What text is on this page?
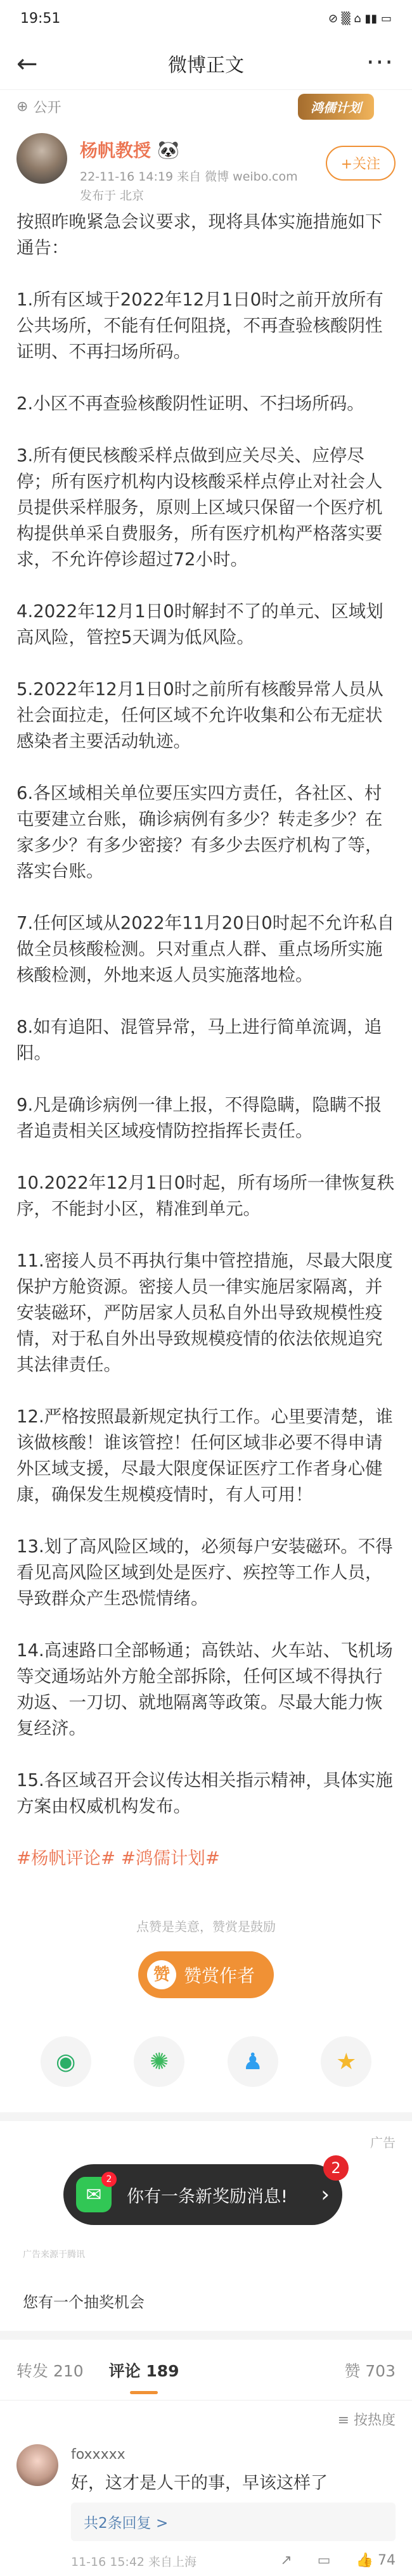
19:51	⊘ ▒ ⌂ ▮▮ ▭
←	微博正文	···
⊕ 公开	鸿儒计划
杨帆教授 🐼
22-11-16 14:19 来自 微博 weibo.com
发布于 北京
+关注

按照昨晚紧急会议要求，现将具体实施措施如下通告：

1.所有区域于2022年12月1日0时之前开放所有公共场所，不能有任何阻挠，不再查验核酸阴性证明、不再扫场所码。

2.小区不再查验核酸阴性证明、不扫场所码。

3.所有便民核酸采样点做到应关尽关、应停尽停；所有医疗机构内设核酸采样点停止对社会人员提供采样服务，原则上区域只保留一个医疗机构提供单采自费服务，所有医疗机构严格落实要求，不允许停诊超过72小时。

4.2022年12月1日0时解封不了的单元、区域划高风险，管控5天调为低风险。

5.2022年12月1日0时之前所有核酸异常人员从社会面拉走，任何区域不允许收集和公布无症状感染者主要活动轨迹。

6.各区域相关单位要压实四方责任，各社区、村屯要建立台账，确诊病例有多少？转走多少？在家多少？有多少密接？有多少去医疗机构了等，落实台账。

7.任何区域从2022年11月20日0时起不允许私自做全员核酸检测。只对重点人群、重点场所实施核酸检测，外地来返人员实施落地检。

8.如有追阳、混管异常，马上进行简单流调，追阳。

9.凡是确诊病例一律上报，不得隐瞒，隐瞒不报者追责相关区域疫情防控指挥长责任。

10.2022年12月1日0时起，所有场所一律恢复秩序，不能封小区，精准到单元。

11.密接人员不再执行集中管控措施，尽最大限度保护方舱资源。密接人员一律实施居家隔离，并安装磁环，严防居家人员私自外出导致规模性疫情，对于私自外出导致规模疫情的依法依规追究其法律责任。

12.严格按照最新规定执行工作。心里要清楚，谁该做核酸！谁该管控！任何区域非必要不得申请外区域支援，尽最大限度保证医疗工作者身心健康，确保发生规模疫情时，有人可用！

13.划了高风险区域的，必须每户安装磁环。不得看见高风险区域到处是医疗、疾控等工作人员，导致群众产生恐慌情绪。

14.高速路口全部畅通；高铁站、火车站、飞机场等交通场站外方舱全部拆除，任何区域不得执行劝返、一刀切、就地隔离等政策。尽最大能力恢复经济。

15.各区域召开会议传达相关指示精神，具体实施方案由权威机构发布。

#杨帆评论# #鸿儒计划#

点赞是美意，赞赏是鼓励
赞 赞赏作者
◉	✺	♟	★
广告
✉
2
你有一条新奖励消息! ›
2
广告来源于腾讯
您有一个抽奖机会
转发 210 评论 189	赞 703
≡ 按热度
foxxxxx
好，这才是人干的事，早该这样了
共2条回复 >
11-16 15:42 来自上海	↗ ▭ 👍 74
